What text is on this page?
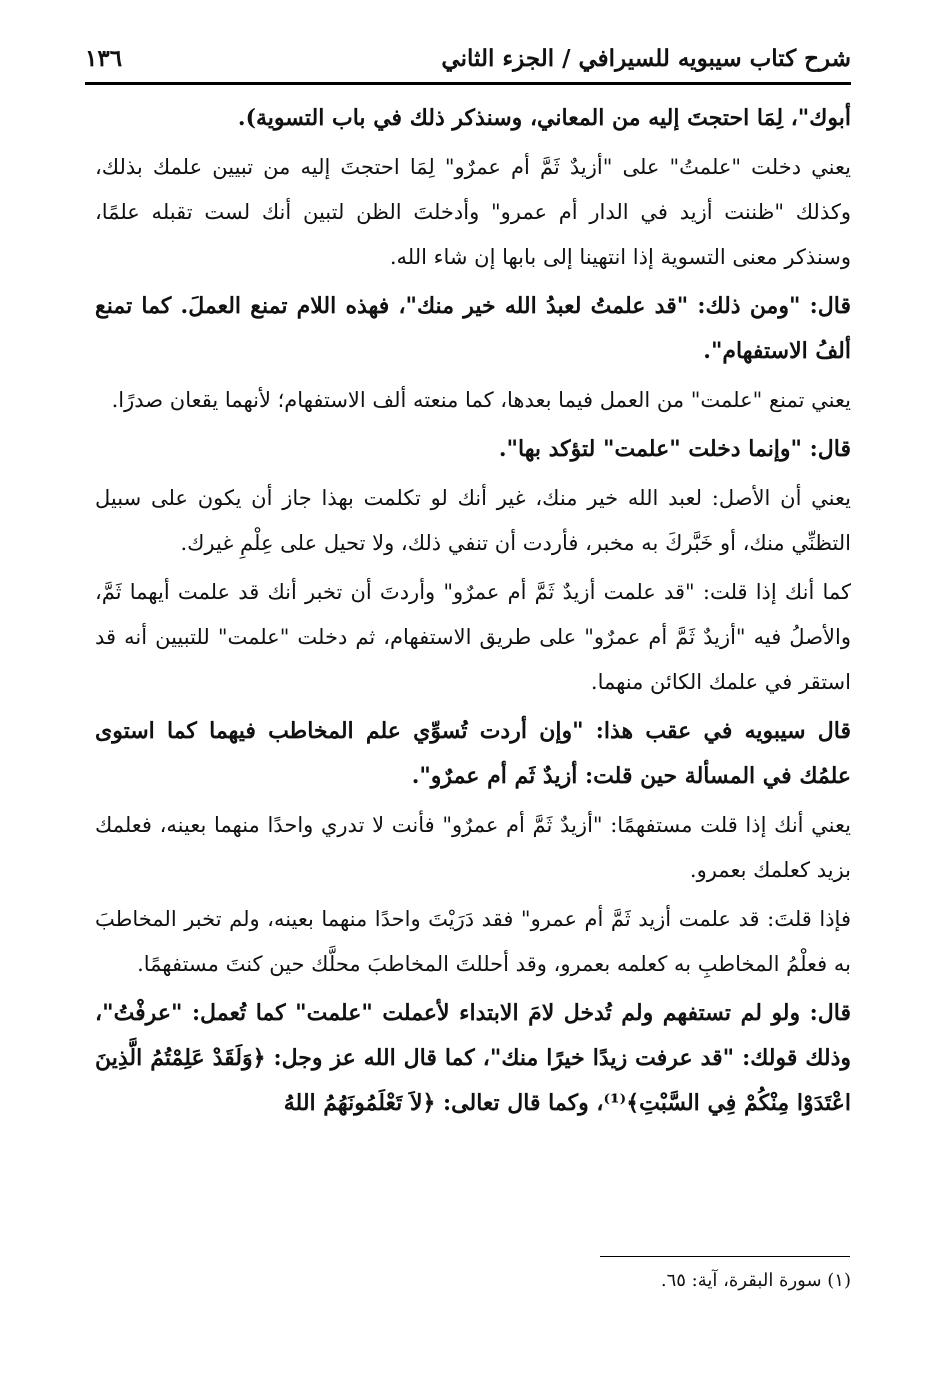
شرح كتاب سيبويه للسيرافي / الجزء الثاني
١٣٦

أبوك"، لِمَا احتجتَ إليه من المعاني، وسنذكر ذلك في باب التسوية).

يعني دخلت "علمتُ" على "أزيدٌ ثَمَّ أم عمرٌو" لِمَا احتجتَ إليه من تبيين علمك بذلك، وكذلك "ظننت أزيد في الدار أم عمرو" وأدخلتَ الظن لتبين أنك لست تقبله علمًا، وسنذكر معنى التسوية إذا انتهينا إلى بابها إن شاء الله.

قال: "ومن ذلك: "قد علمتُ لعبدُ الله خير منك"، فهذه اللام تمنع العملَ. كما تمنع ألفُ الاستفهام".

يعني تمنع "علمت" من العمل فيما بعدها، كما منعته ألف الاستفهام؛ لأنهما يقعان صدرًا.

قال: "وإنما دخلت "علمت" لتؤكد بها".

يعني أن الأصل: لعبد الله خير منك، غير أنك لو تكلمت بهذا جاز أن يكون على سبيل التظنِّي منك، أو خَبَّركَ به مخبر، فأردت أن تنفي ذلك، ولا تحيل على عِلْمِ غيرك.

كما أنك إذا قلت: "قد علمت أزيدٌ ثَمَّ أم عمرٌو" وأردتَ أن تخبر أنك قد علمت أيهما ثَمَّ، والأصلُ فيه "أزيدٌ ثَمَّ أم عمرٌو" على طريق الاستفهام، ثم دخلت "علمت" للتبيين أنه قد استقر في علمك الكائن منهما.

قال سيبويه في عقب هذا: "وإن أردت تُسوِّي علم المخاطب فيهما كما استوى علمُك في المسألة حين قلت: أزيدٌ ثَم أم عمرٌو".

يعني أنك إذا قلت مستفهمًا: "أزيدٌ ثَمَّ أم عمرٌو" فأنت لا تدري واحدًا منهما بعينه، فعلمك بزيد كعلمك بعمرو.

فإذا قلتَ: قد علمت أزيد ثَمَّ أم عمرو" فقد دَرَيْتَ واحدًا منهما بعينه، ولم تخبر المخاطبَ به فعلْمُ المخاطبِ به كعلمه بعمرو، وقد أحللتَ المخاطبَ محلَّك حين كنتَ مستفهمًا.

قال: ولو لم تستفهم ولم تُدخل لامَ الابتداء لأعملت "علمت" كما تُعمل: "عرفْتُ"، وذلك قولك: "قد عرفت زيدًا خيرًا منك"، كما قال الله عز وجل: ﴿وَلَقَدْ عَلِمْتُمُ الَّذِينَ اعْتَدَوْا مِنْكُمْ فِي السَّبْتِ﴾⁽¹⁾، وكما قال تعالى: ﴿لاَ تَعْلَمُونَهُمُ اللهُ

(١) سورة البقرة، آية: ٦٥.
